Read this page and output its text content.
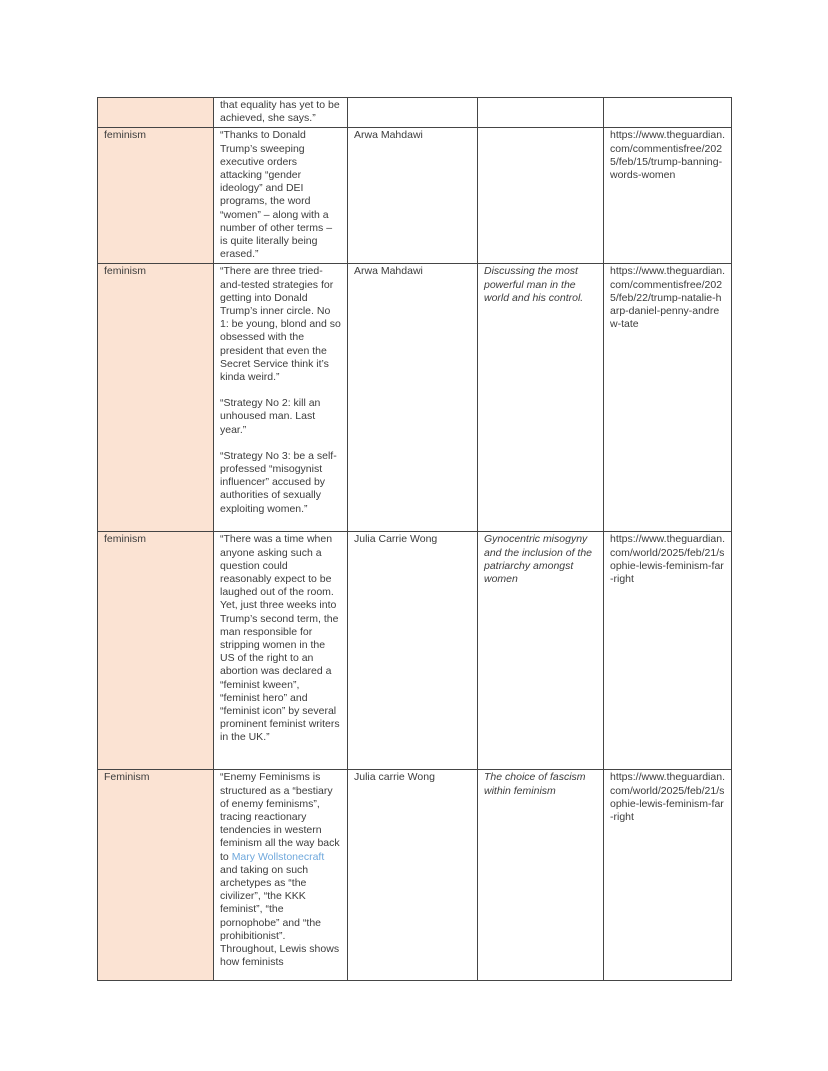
	that equality has yet to be achieved, she says.”			

feminism	“Thanks to Donald Trump’s sweeping executive orders attacking “gender ideology” and DEI programs, the word “women” – along with a number of other terms – is quite literally being erased.”	Arwa Mahdawi		https://www.theguardian.com/commentisfree/2025/feb/15/trump-banning-words-women
feminism	“There are three tried-and-tested strategies for getting into Donald Trump’s inner circle. No 1: be young, blond and so obsessed with the president that even the Secret Service think it’s kinda weird.”

“Strategy No 2: kill an unhoused man. Last year.”

“Strategy No 3: be a self-professed “misogynist influencer” accused by authorities of sexually exploiting women.”	Arwa Mahdawi	Discussing the most powerful man in the world and his control.	https://www.theguardian.com/commentisfree/2025/feb/22/trump-natalie-harp-daniel-penny-andrew-tate
feminism	“There was a time when anyone asking such a question could reasonably expect to be laughed out of the room. Yet, just three weeks into Trump’s second term, the man responsible for stripping women in the US of the right to an abortion was declared a “feminist kween”, “feminist hero” and “feminist icon” by several prominent feminist writers in the UK.”	Julia Carrie Wong	Gynocentric misogyny and the inclusion of the patriarchy amongst women	https://www.theguardian.com/world/2025/feb/21/sophie-lewis-feminism-far-right
Feminism	“Enemy Feminisms is structured as a “bestiary of enemy feminisms”, tracing reactionary tendencies in western feminism all the way back to Mary Wollstonecraft and taking on such archetypes as “the civilizer”, “the KKK feminist”, “the pornophobe” and “the prohibitionist”. Throughout, Lewis shows how feminists	Julia carrie Wong	The choice of fascism within feminism	https://www.theguardian.com/world/2025/feb/21/sophie-lewis-feminism-far-right
